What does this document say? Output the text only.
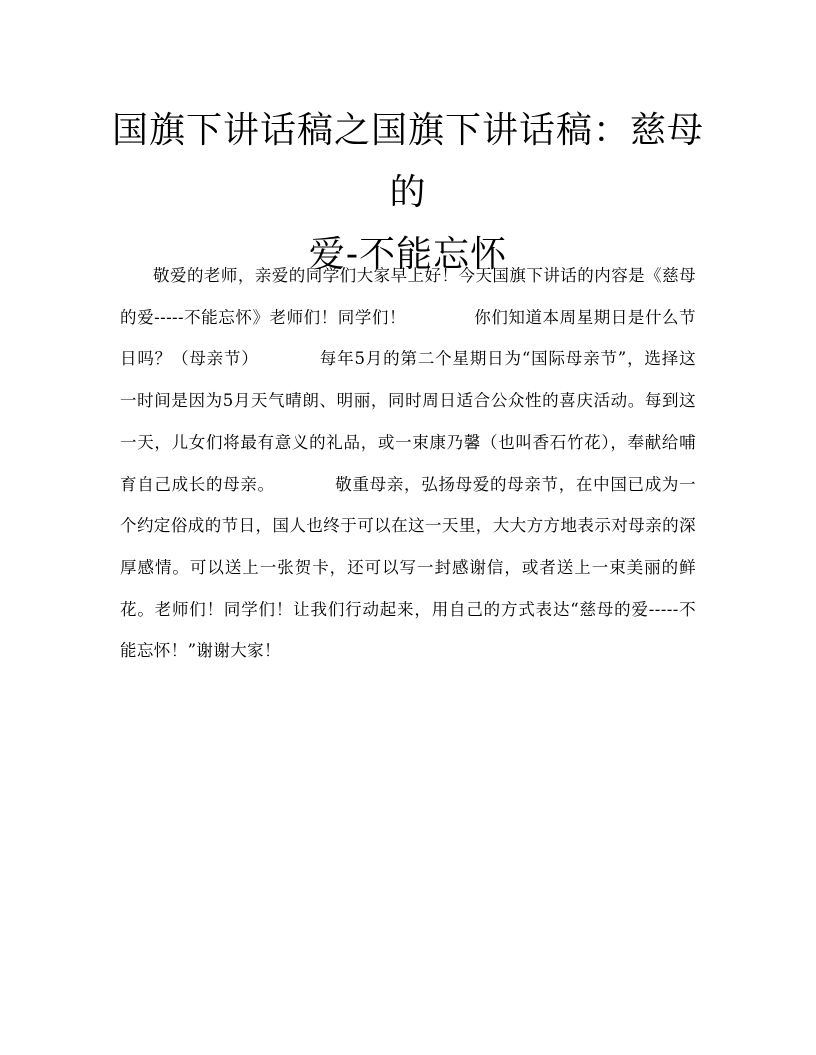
国旗下讲话稿之国旗下讲话稿：慈母的
爱-不能忘怀

敬爱的老师，亲爱的同学们大家早上好！今天国旗下讲话的内容是《慈母的爱-----不能忘怀》老师们！同学们！　　　　你们知道本周星期日是什么节日吗？（母亲节）　　　　每年5月的第二个星期日为“国际母亲节”，选择这一时间是因为5月天气晴朗、明丽，同时周日适合公众性的喜庆活动。每到这一天，儿女们将最有意义的礼品，或一束康乃馨（也叫香石竹花），奉献给哺育自己成长的母亲。　　　　敬重母亲，弘扬母爱的母亲节，在中国已成为一个约定俗成的节日，国人也终于可以在这一天里，大大方方地表示对母亲的深厚感情。可以送上一张贺卡，还可以写一封感谢信，或者送上一束美丽的鲜花。老师们！同学们！让我们行动起来，用自己的方式表达“慈母的爱-----不能忘怀！”谢谢大家！
